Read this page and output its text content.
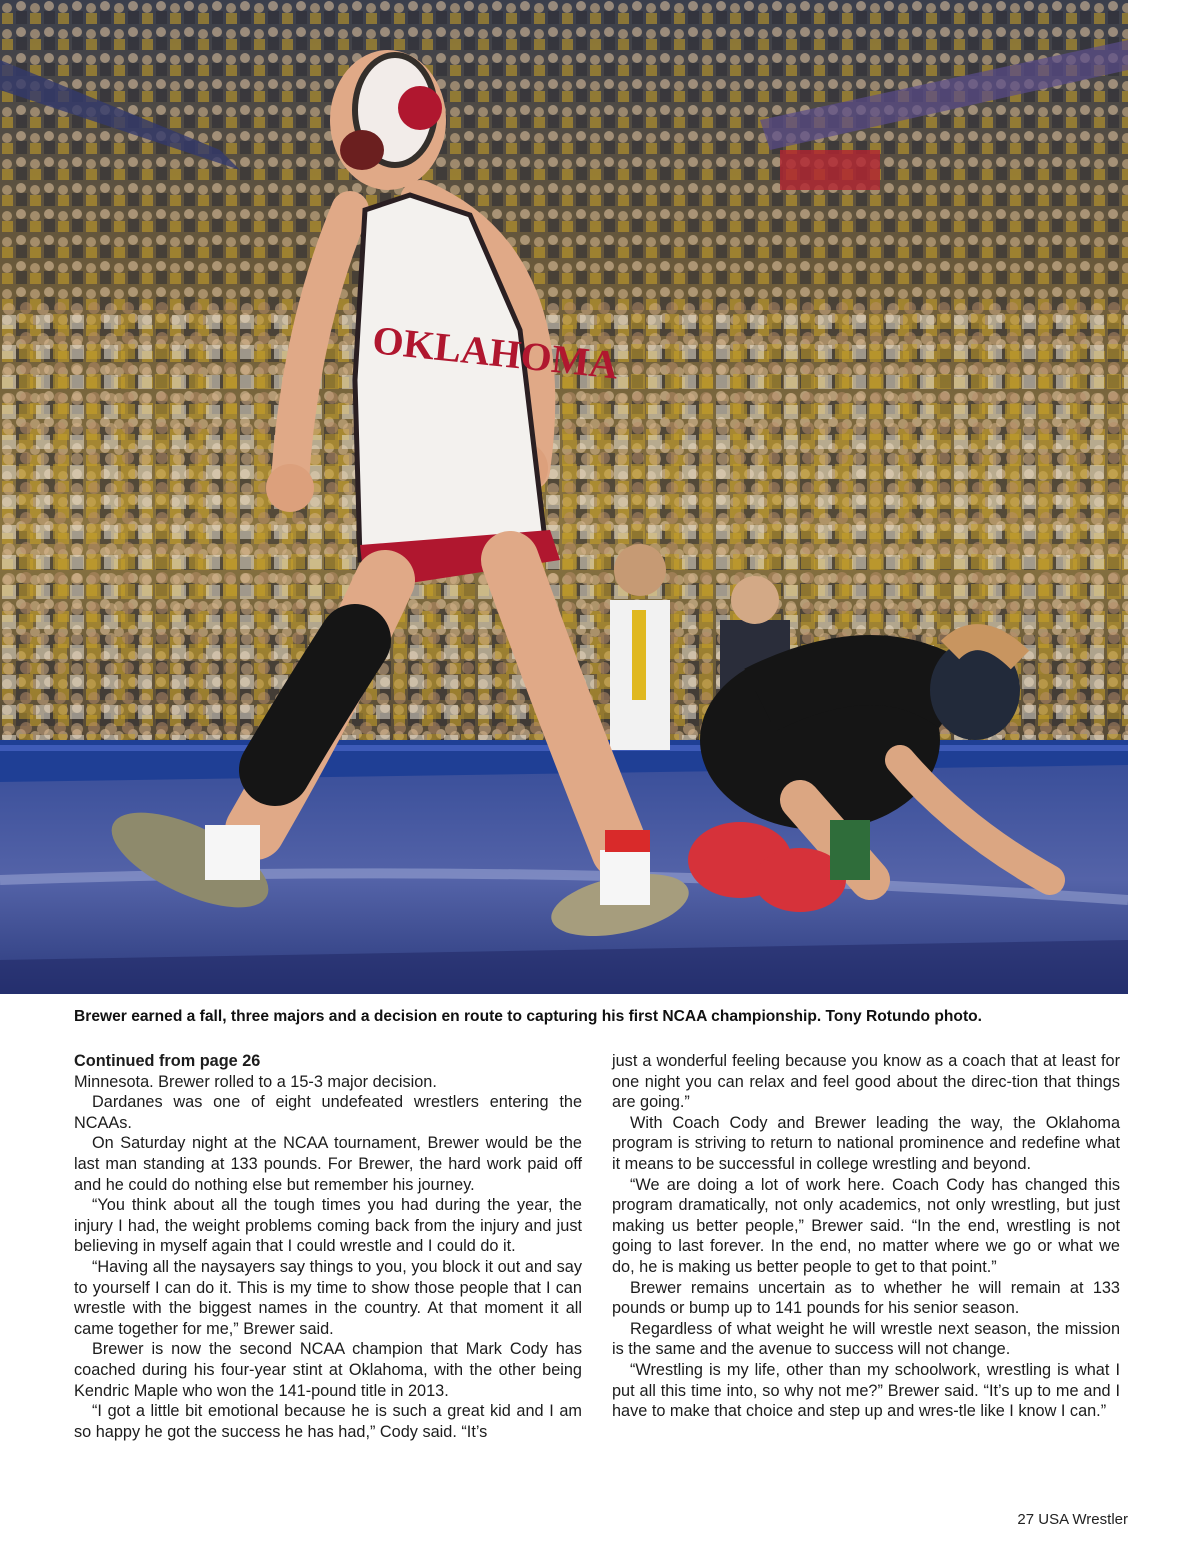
OKLAHOMA
Brewer earned a fall, three majors and a decision en route to capturing his first NCAA championship. Tony Rotundo photo.

Continued from page 26
Minnesota. Brewer rolled to a 15-3 major decision.

Dardanes was one of eight undefeated wrestlers entering the NCAAs.

On Saturday night at the NCAA tournament, Brewer would be the last man standing at 133 pounds. For Brewer, the hard work paid off and he could do nothing else but remember his journey.

“You think about all the tough times you had during the year, the injury I had, the weight problems coming back from the injury and just believing in myself again that I could wrestle and I could do it.

“Having all the naysayers say things to you, you block it out and say to yourself I can do it. This is my time to show those people that I can wrestle with the biggest names in the country. At that moment it all came together for me,” Brewer said.

Brewer is now the second NCAA champion that Mark Cody has coached during his four-year stint at Oklahoma, with the other being Kendric Maple who won the 141-pound title in 2013.

“I got a little bit emotional because he is such a great kid and I am so happy he got the success he has had,” Cody said. “It’s

just a wonderful feeling because you know as a coach that at least for one night you can relax and feel good about the direc-tion that things are going.”

With Coach Cody and Brewer leading the way, the Oklahoma program is striving to return to national prominence and redefine what it means to be successful in college wrestling and beyond.

“We are doing a lot of work here. Coach Cody has changed this program dramatically, not only academics, not only wrestling, but just making us better people,” Brewer said. “In the end, wrestling is not going to last forever. In the end, no matter where we go or what we do, he is making us better people to get to that point.”

Brewer remains uncertain as to whether he will remain at 133 pounds or bump up to 141 pounds for his senior season.

Regardless of what weight he will wrestle next season, the mission is the same and the avenue to success will not change.

“Wrestling is my life, other than my schoolwork, wrestling is what I put all this time into, so why not me?” Brewer said. “It’s up to me and I have to make that choice and step up and wres-tle like I know I can.”

27 USA Wrestler
